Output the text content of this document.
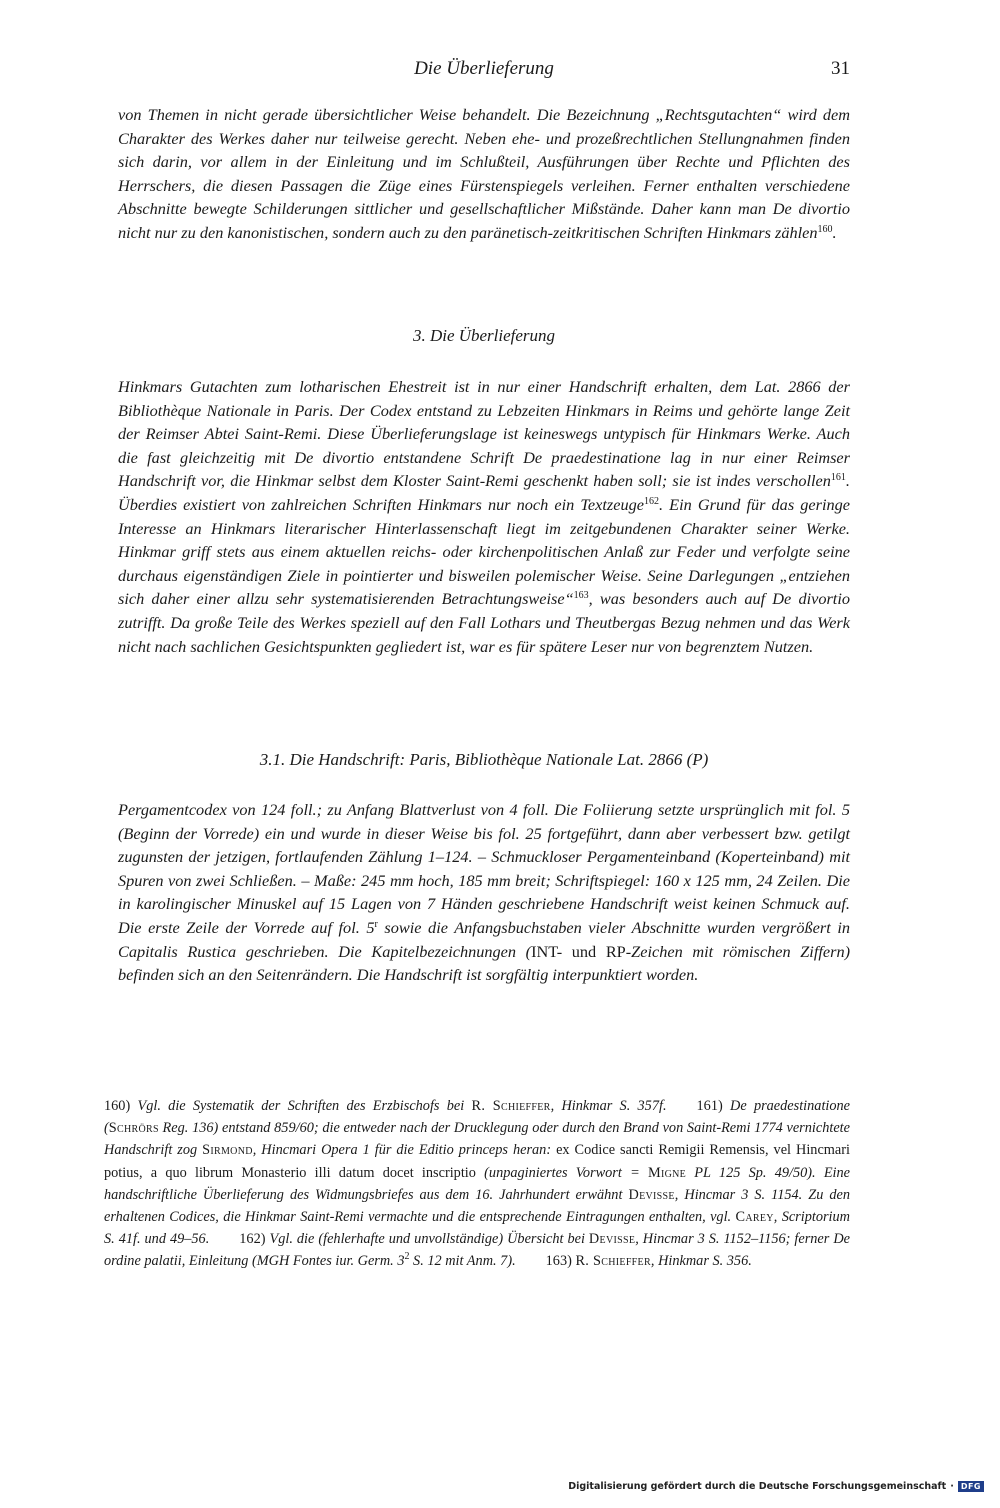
Die Überlieferung	31

von Themen in nicht gerade übersichtlicher Weise behandelt. Die Bezeichnung „Rechtsgutachten“ wird dem Charakter des Werkes daher nur teilweise gerecht. Neben ehe- und prozeßrechtlichen Stellungnahmen finden sich darin, vor allem in der Einleitung und im Schlußteil, Ausführungen über Rechte und Pflichten des Herrschers, die diesen Passagen die Züge eines Fürstenspiegels verleihen. Ferner enthalten verschiedene Abschnitte bewegte Schilderungen sittlicher und gesellschaftlicher Mißstände. Daher kann man De divortio nicht nur zu den kanonistischen, sondern auch zu den paränetisch-zeitkritischen Schriften Hinkmars zählen$^{160}$.

3. Die Überlieferung

Hinkmars Gutachten zum lotharischen Ehestreit ist in nur einer Handschrift erhalten, dem Lat. 2866 der Bibliothèque Nationale in Paris. Der Codex entstand zu Lebzeiten Hinkmars in Reims und gehörte lange Zeit der Reimser Abtei Saint-Remi. Diese Überlieferungslage ist keineswegs untypisch für Hinkmars Werke. Auch die fast gleichzeitig mit De divortio entstandene Schrift De praedestinatione lag in nur einer Reimser Handschrift vor, die Hinkmar selbst dem Kloster Saint-Remi geschenkt haben soll; sie ist indes verschollen$^{161}$. Überdies existiert von zahlreichen Schriften Hinkmars nur noch ein Textzeuge$^{162}$. Ein Grund für das geringe Interesse an Hinkmars literarischer Hinterlassenschaft liegt im zeitgebundenen Charakter seiner Werke. Hinkmar griff stets aus einem aktuellen reichs- oder kirchenpolitischen Anlaß zur Feder und verfolgte seine durchaus eigenständigen Ziele in pointierter und bisweilen polemischer Weise. Seine Darlegungen „entziehen sich daher einer allzu sehr systematisierenden Betrachtungsweise“$^{163}$, was besonders auch auf De divortio zutrifft. Da große Teile des Werkes speziell auf den Fall Lothars und Theutbergas Bezug nehmen und das Werk nicht nach sachlichen Gesichtspunkten gegliedert ist, war es für spätere Leser nur von begrenztem Nutzen.

3.1. Die Handschrift: Paris, Bibliothèque Nationale Lat. 2866 (P)

Pergamentcodex von 124 foll.; zu Anfang Blattverlust von 4 foll. Die Foliierung setzte ursprünglich mit fol. 5 (Beginn der Vorrede) ein und wurde in dieser Weise bis fol. 25 fortgeführt, dann aber verbessert bzw. getilgt zugunsten der jetzigen, fortlaufenden Zählung 1–124. – Schmuckloser Pergamenteinband (Koperteinband) mit Spuren von zwei Schließen. – Maße: 245 mm hoch, 185 mm breit; Schriftspiegel: 160 x 125 mm, 24 Zeilen. Die in karolingischer Minuskel auf 15 Lagen von 7 Händen geschriebene Handschrift weist keinen Schmuck auf. Die erste Zeile der Vorrede auf fol. 5$^r$ sowie die Anfangsbuchstaben vieler Abschnitte wurden vergrößert in Capitalis Rustica geschrieben. Die Kapitelbezeichnungen (INT- und RP-Zeichen mit römischen Ziffern) befinden sich an den Seitenrändern. Die Handschrift ist sorgfältig interpunktiert worden.

160) Vgl. die Systematik der Schriften des Erzbischofs bei R. Schieffer, Hinkmar S. 357f. 161) De praedestinatione (Schrörs Reg. 136) entstand 859/60; die entweder nach der Drucklegung oder durch den Brand von Saint-Remi 1774 vernichtete Handschrift zog Sirmond, Hincmari Opera 1 für die Editio princeps heran: ex Codice sancti Remigii Remensis, vel Hincmari potius, a quo librum Monasterio illi datum docet inscriptio (unpaginiertes Vorwort = Migne PL 125 Sp. 49/50). Eine handschriftliche Überlieferung des Widmungsbriefes aus dem 16. Jahrhundert erwähnt Devisse, Hincmar 3 S. 1154. Zu den erhaltenen Codices, die Hinkmar Saint-Remi vermachte und die entsprechende Eintragungen enthalten, vgl. Carey, Scriptorium S. 41f. und 49–56. 162) Vgl. die (fehlerhafte und unvollständige) Übersicht bei Devisse, Hincmar 3 S. 1152–1156; ferner De ordine palatii, Einleitung (MGH Fontes iur. Germ. $3^2$ S. 12 mit Anm. 7). 163) R. Schieffer, Hinkmar S. 356.

Digitalisierung gefördert durch die Deutsche Forschungsgemeinschaft · DFG
